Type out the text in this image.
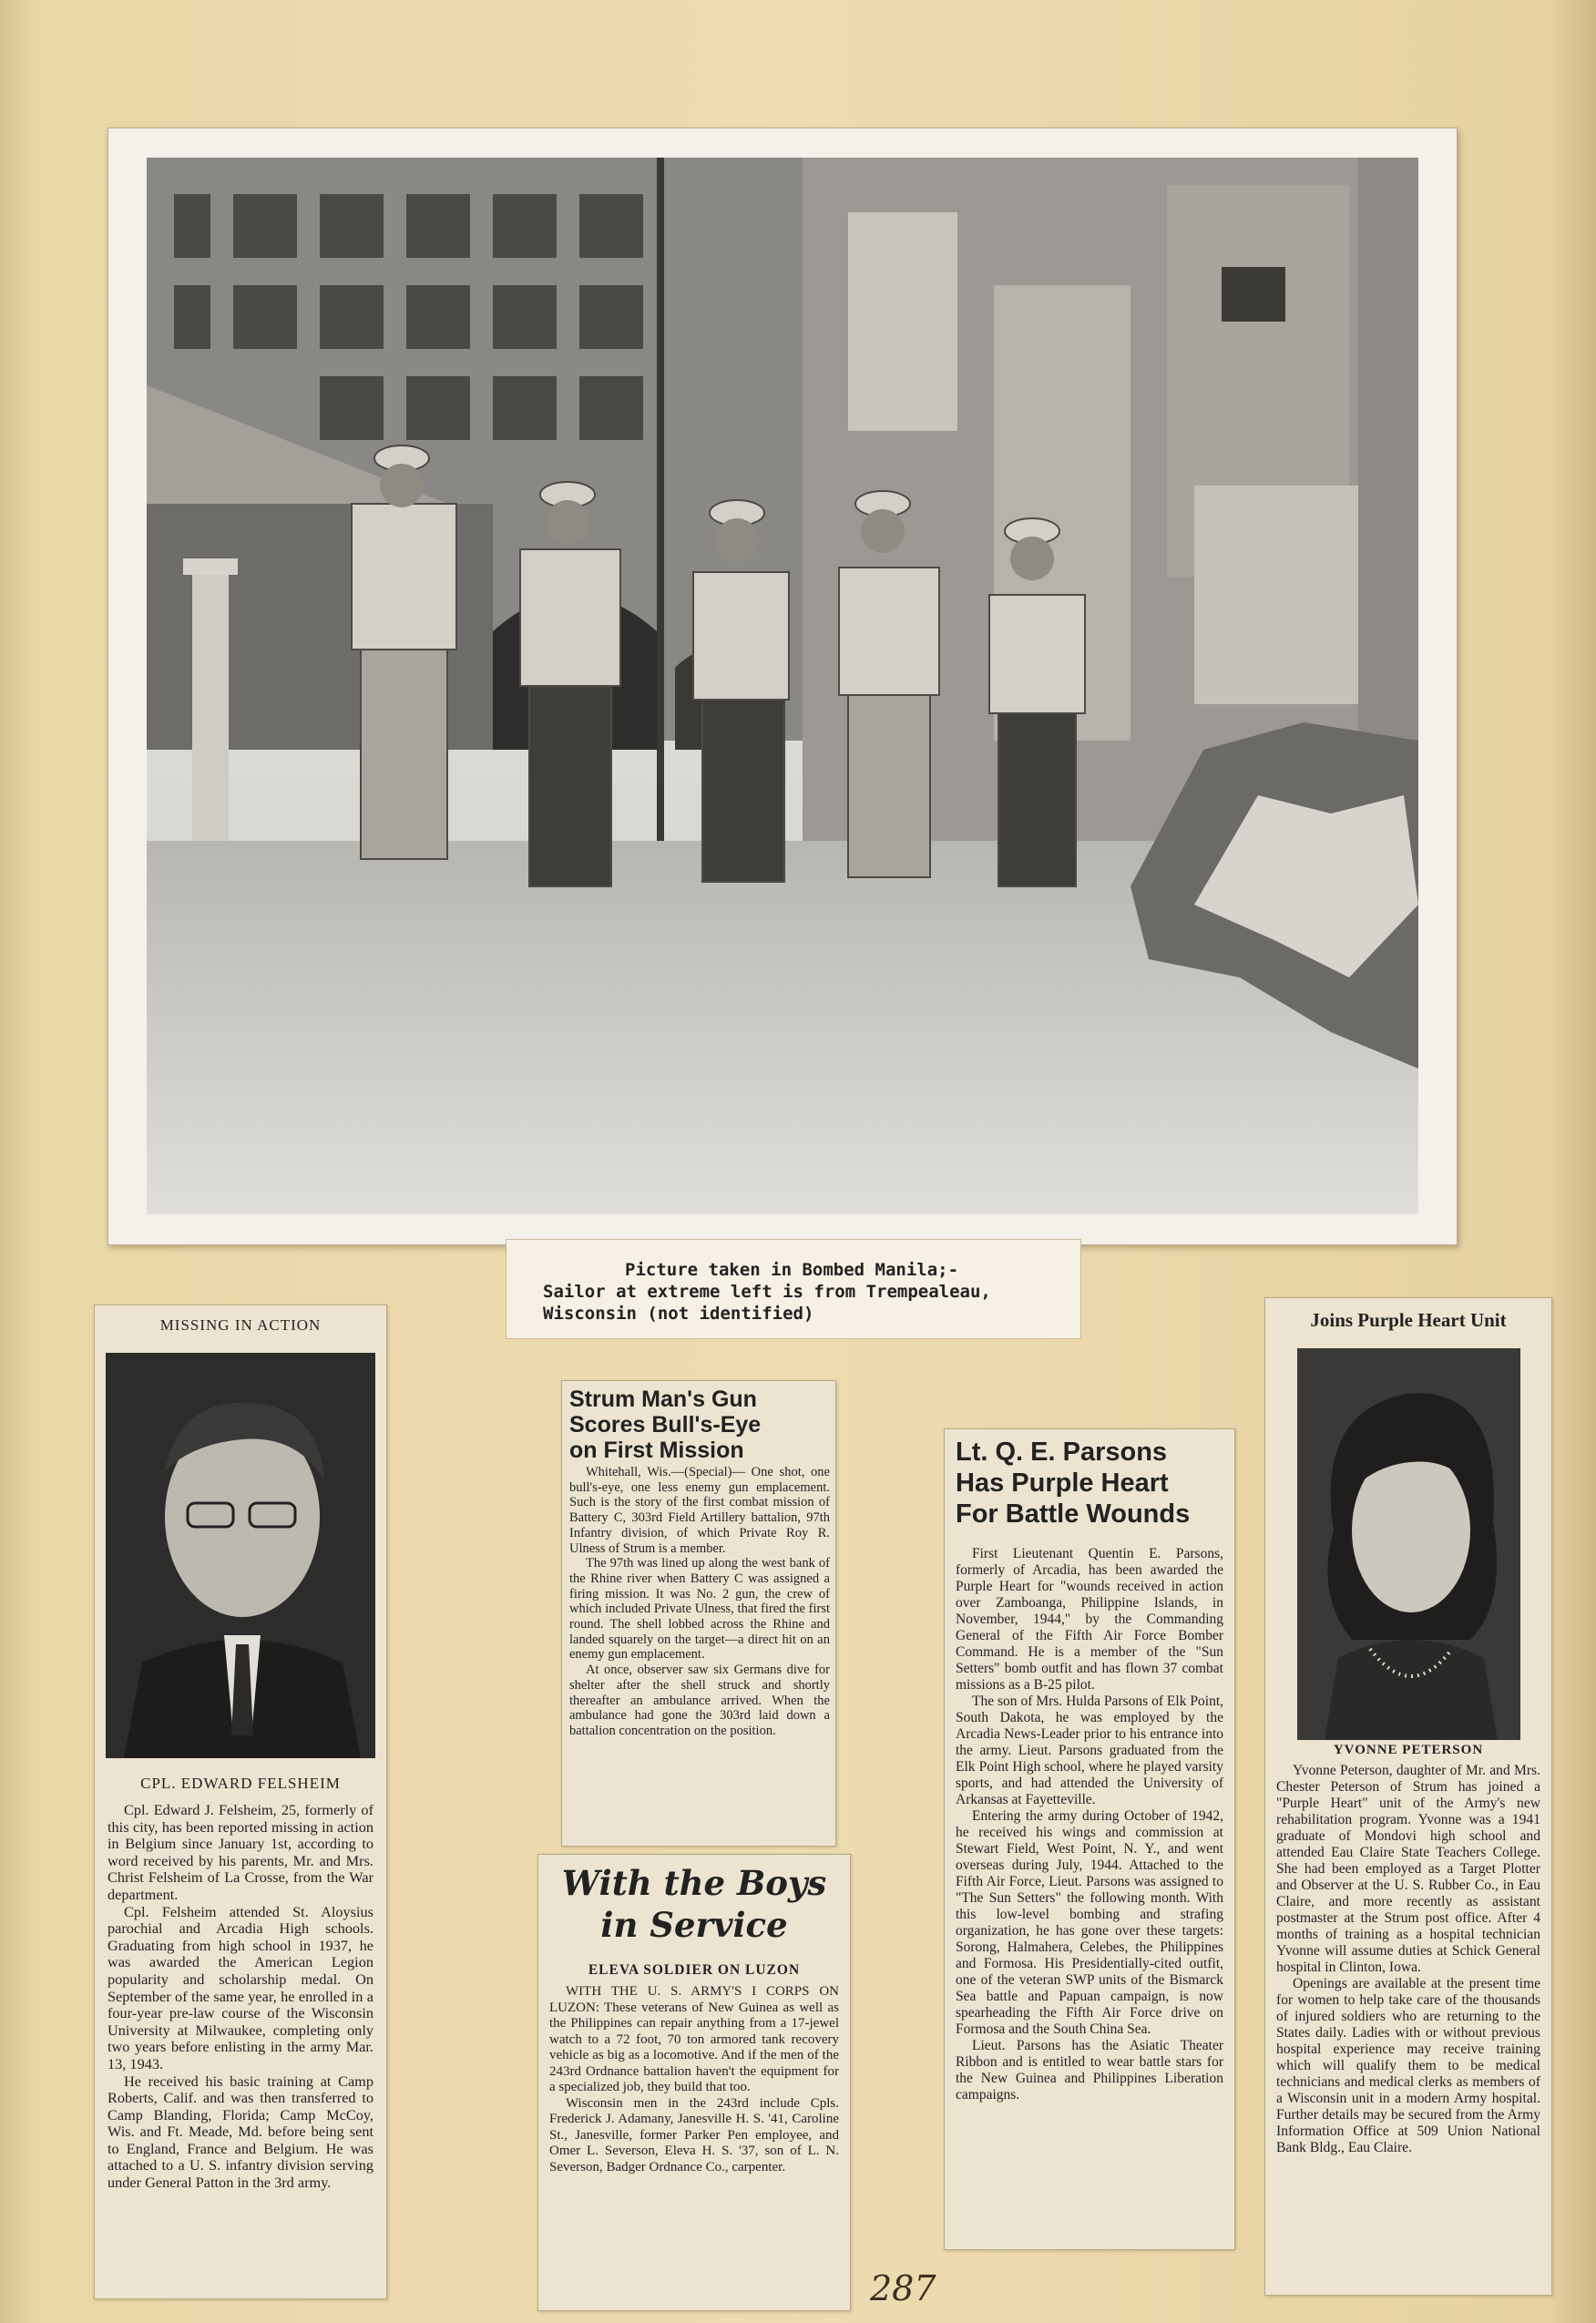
Picture taken in Bombed Manila;-
Sailor at extreme left is from Trempealeau,
Wisconsin (not identified)
MISSING IN ACTION
CPL. EDWARD FELSHEIM

Cpl. Edward J. Felsheim, 25, formerly of this city, has been reported missing in action in Belgium since January 1st, according to word received by his parents, Mr. and Mrs. Christ Felsheim of La Crosse, from the War department.

Cpl. Felsheim attended St. Aloysius parochial and Arcadia High schools. Graduating from high school in 1937, he was awarded the American Legion popularity and scholarship medal. On September of the same year, he enrolled in a four-year pre-law course of the Wisconsin University at Milwaukee, completing only two years before enlisting in the army Mar. 13, 1943.

He received his basic training at Camp Roberts, Calif. and was then transferred to Camp Blanding, Florida; Camp McCoy, Wis. and Ft. Meade, Md. before being sent to England, France and Belgium. He was attached to a U. S. infantry division serving under General Patton in the 3rd army.

Strum Man's Gun
Scores Bull's-Eye
on First Mission

Whitehall, Wis.—(Special)— One shot, one bull's-eye, one less enemy gun emplacement. Such is the story of the first combat mission of Battery C, 303rd Field Artillery battalion, 97th Infantry division, of which Private Roy R. Ulness of Strum is a member.

The 97th was lined up along the west bank of the Rhine river when Battery C was assigned a firing mission. It was No. 2 gun, the crew of which included Private Ulness, that fired the first round. The shell lobbed across the Rhine and landed squarely on the target—a direct hit on an enemy gun emplacement.

At once, observer saw six Germans dive for shelter after the shell struck and shortly thereafter an ambulance arrived. When the ambulance had gone the 303rd laid down a battalion concentration on the position.

With the Boys
in Service
ELEVA SOLDIER ON LUZON

WITH THE U. S. ARMY'S I CORPS ON LUZON: These veterans of New Guinea as well as the Philippines can repair anything from a 17-jewel watch to a 72 foot, 70 ton armored tank recovery vehicle as big as a locomotive. And if the men of the 243rd Ordnance battalion haven't the equipment for a specialized job, they build that too.

Wisconsin men in the 243rd include Cpls. Frederick J. Adamany, Janesville H. S. '41, Caroline St., Janesville, former Parker Pen employee, and Omer L. Severson, Eleva H. S. '37, son of L. N. Severson, Badger Ordnance Co., carpenter.

Lt. Q. E. Parsons
Has Purple Heart
For Battle Wounds

First Lieutenant Quentin E. Parsons, formerly of Arcadia, has been awarded the Purple Heart for "wounds received in action over Zamboanga, Philippine Islands, in November, 1944," by the Commanding General of the Fifth Air Force Bomber Command. He is a member of the "Sun Setters" bomb outfit and has flown 37 combat missions as a B-25 pilot.

The son of Mrs. Hulda Parsons of Elk Point, South Dakota, he was employed by the Arcadia News-Leader prior to his entrance into the army. Lieut. Parsons graduated from the Elk Point High school, where he played varsity sports, and had attended the University of Arkansas at Fayetteville.

Entering the army during October of 1942, he received his wings and commission at Stewart Field, West Point, N. Y., and went overseas during July, 1944. Attached to the Fifth Air Force, Lieut. Parsons was assigned to "The Sun Setters" the following month. With this low-level bombing and strafing organization, he has gone over these targets: Sorong, Halmahera, Celebes, the Philippines and Formosa. His Presidentially-cited outfit, one of the veteran SWP units of the Bismarck Sea battle and Papuan campaign, is now spearheading the Fifth Air Force drive on Formosa and the South China Sea.

Lieut. Parsons has the Asiatic Theater Ribbon and is entitled to wear battle stars for the New Guinea and Philippines Liberation campaigns.

Joins Purple Heart Unit
YVONNE PETERSON

Yvonne Peterson, daughter of Mr. and Mrs. Chester Peterson of Strum has joined a "Purple Heart" unit of the Army's new rehabilitation program. Yvonne was a 1941 graduate of Mondovi high school and attended Eau Claire State Teachers College. She had been employed as a Target Plotter and Observer at the U. S. Rubber Co., in Eau Claire, and more recently as assistant postmaster at the Strum post office. After 4 months of training as a hospital technician Yvonne will assume duties at Schick General hospital in Clinton, Iowa.

Openings are available at the present time for women to help take care of the thousands of injured soldiers who are returning to the States daily. Ladies with or without previous hospital experience may receive training which will qualify them to be medical technicians and medical clerks as members of a Wisconsin unit in a modern Army hospital. Further details may be secured from the Army Information Office at 509 Union National Bank Bldg., Eau Claire.

287
